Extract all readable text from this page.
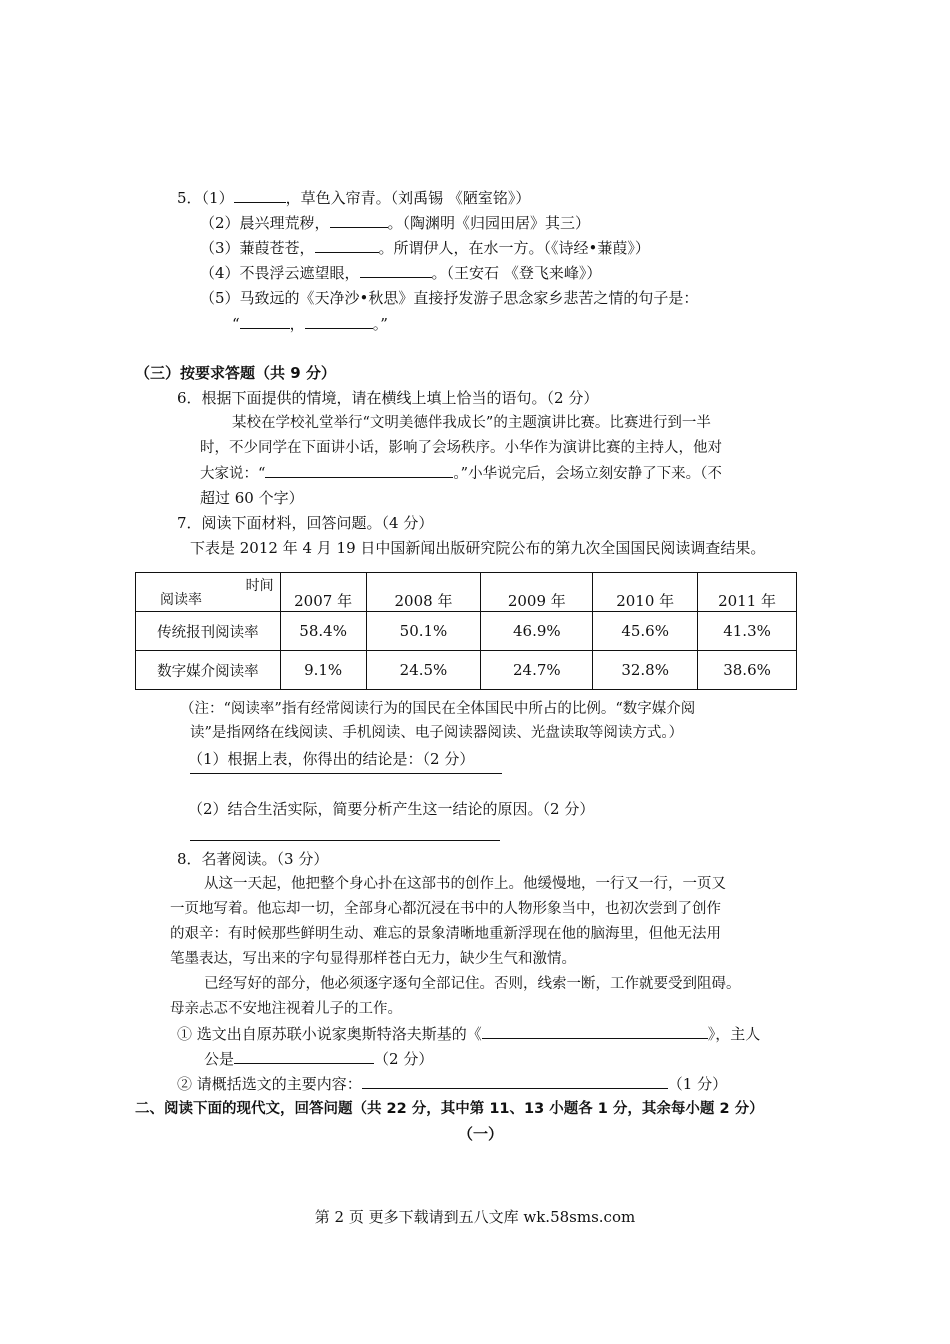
5．（1）	，草色入帘青。（刘禹锡 《陋室铭》）
（2）晨兴理荒秽，	。（陶渊明《归园田居》其三）
（3）蒹葭苍苍，	。所谓伊人，在水一方。（《诗经•蒹葭》）
（4）不畏浮云遮望眼，	。（王安石 《登飞来峰》）
（5）马致远的《天净沙•秋思》直接抒发游子思念家乡悲苦之情的句子是：
“	，	。”
（三）按要求答题（共 9 分）
6．根据下面提供的情境，请在横线上填上恰当的语句。（2 分）
某校在学校礼堂举行“文明美德伴我成长”的主题演讲比赛。比赛进行到一半
时，不少同学在下面讲小话，影响了会场秩序。小华作为演讲比赛的主持人，他对
大家说：“	。”小华说完后，会场立刻安静了下来。（不
超过 60 个字）
7．阅读下面材料，回答问题。（4 分）
下表是 2012 年 4 月 19 日中国新闻出版研究院公布的第九次全国国民阅读调查结果。
时间
阅读率	2007 年	2008 年	2009 年	2010 年	2011 年
传统报刊阅读率	58.4%	50.1%	46.9%	45.6%	41.3%
数字媒介阅读率	9.1%	24.5%	24.7%	32.8%	38.6%
（注：“阅读率”指有经常阅读行为的国民在全体国民中所占的比例。“数字媒介阅
读”是指网络在线阅读、手机阅读、电子阅读器阅读、光盘读取等阅读方式。）
（1）根据上表，你得出的结论是：（2 分）
（2）结合生活实际，简要分析产生这一结论的原因。（2 分）
8．名著阅读。（3 分）
从这一天起，他把整个身心扑在这部书的创作上。他缓慢地，一行又一行，一页又
一页地写着。他忘却一切，全部身心都沉浸在书中的人物形象当中，也初次尝到了创作
的艰辛：有时候那些鲜明生动、难忘的景象清晰地重新浮现在他的脑海里，但他无法用
笔墨表达，写出来的字句显得那样苍白无力，缺少生气和激情。
已经写好的部分，他必须逐字逐句全部记住。否则，线索一断，工作就要受到阻碍。
母亲忐忑不安地注视着儿子的工作。
① 选文出自原苏联小说家奥斯特洛夫斯基的《	》，主人
公是	（2 分）
② 请概括选文的主要内容：	（1 分）
二、阅读下面的现代文，回答问题（共 22 分，其中第 11、13 小题各 1 分，其余每小题 2 分）
（一）
第 2 页 更多下载请到五八文库 wk.58sms.com
